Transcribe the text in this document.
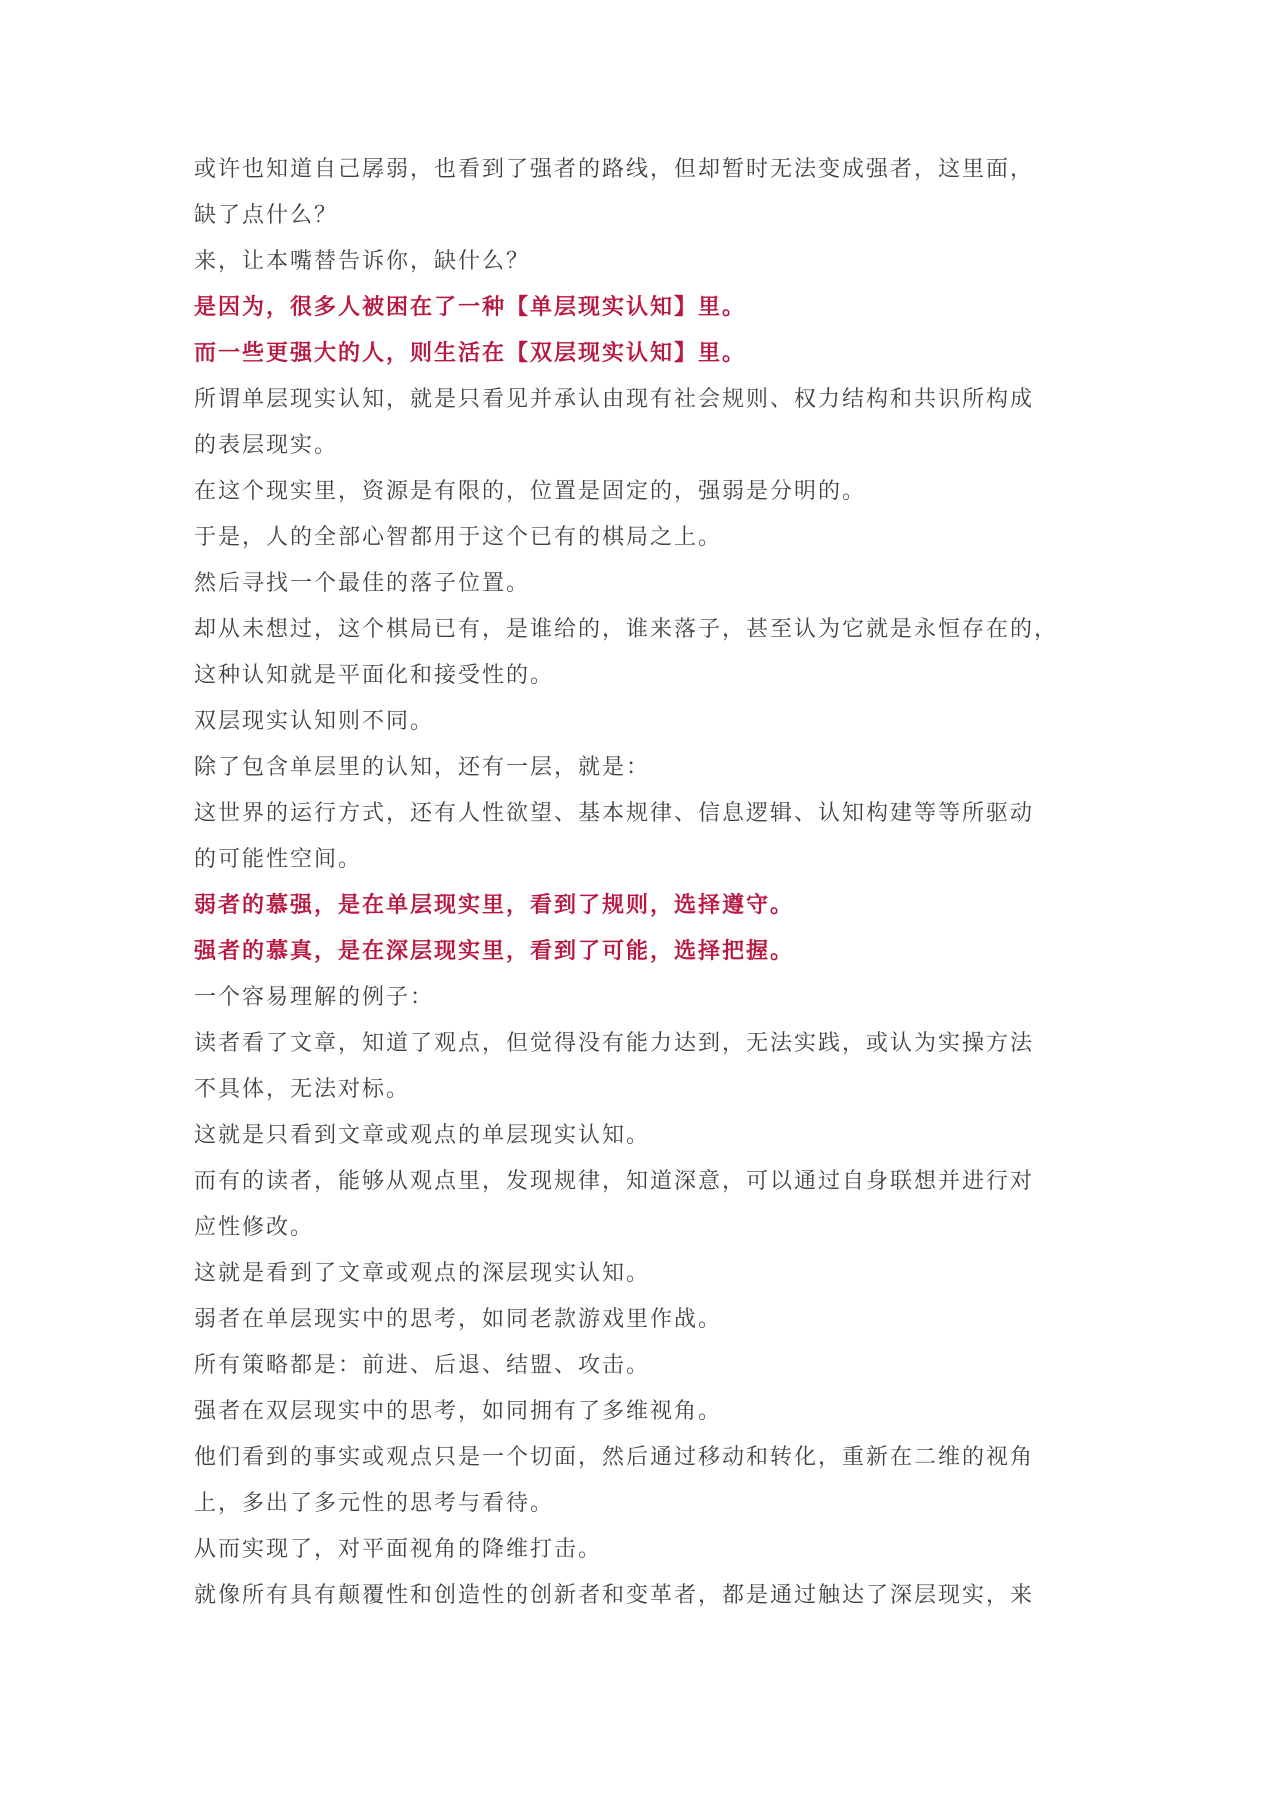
或许也知道自己孱弱，也看到了强者的路线，但却暂时无法变成强者，这里面，
缺了点什么？
来，让本嘴替告诉你，缺什么？
是因为，很多人被困在了一种【单层现实认知】里。
而一些更强大的人，则生活在【双层现实认知】里。
所谓单层现实认知，就是只看见并承认由现有社会规则、权力结构和共识所构成
的表层现实。
在这个现实里，资源是有限的，位置是固定的，强弱是分明的。
于是，人的全部心智都用于这个已有的棋局之上。
然后寻找一个最佳的落子位置。
却从未想过，这个棋局已有，是谁给的，谁来落子，甚至认为它就是永恒存在的，
这种认知就是平面化和接受性的。
双层现实认知则不同。
除了包含单层里的认知，还有一层，就是：
这世界的运行方式，还有人性欲望、基本规律、信息逻辑、认知构建等等所驱动
的可能性空间。
弱者的慕强，是在单层现实里，看到了规则，选择遵守。
强者的慕真，是在深层现实里，看到了可能，选择把握。
一个容易理解的例子：
读者看了文章，知道了观点，但觉得没有能力达到，无法实践，或认为实操方法
不具体，无法对标。
这就是只看到文章或观点的单层现实认知。
而有的读者，能够从观点里，发现规律，知道深意，可以通过自身联想并进行对
应性修改。
这就是看到了文章或观点的深层现实认知。
弱者在单层现实中的思考，如同老款游戏里作战。
所有策略都是：前进、后退、结盟、攻击。
强者在双层现实中的思考，如同拥有了多维视角。
他们看到的事实或观点只是一个切面，然后通过移动和转化，重新在二维的视角
上，多出了多元性的思考与看待。
从而实现了，对平面视角的降维打击。
就像所有具有颠覆性和创造性的创新者和变革者，都是通过触达了深层现实，来
